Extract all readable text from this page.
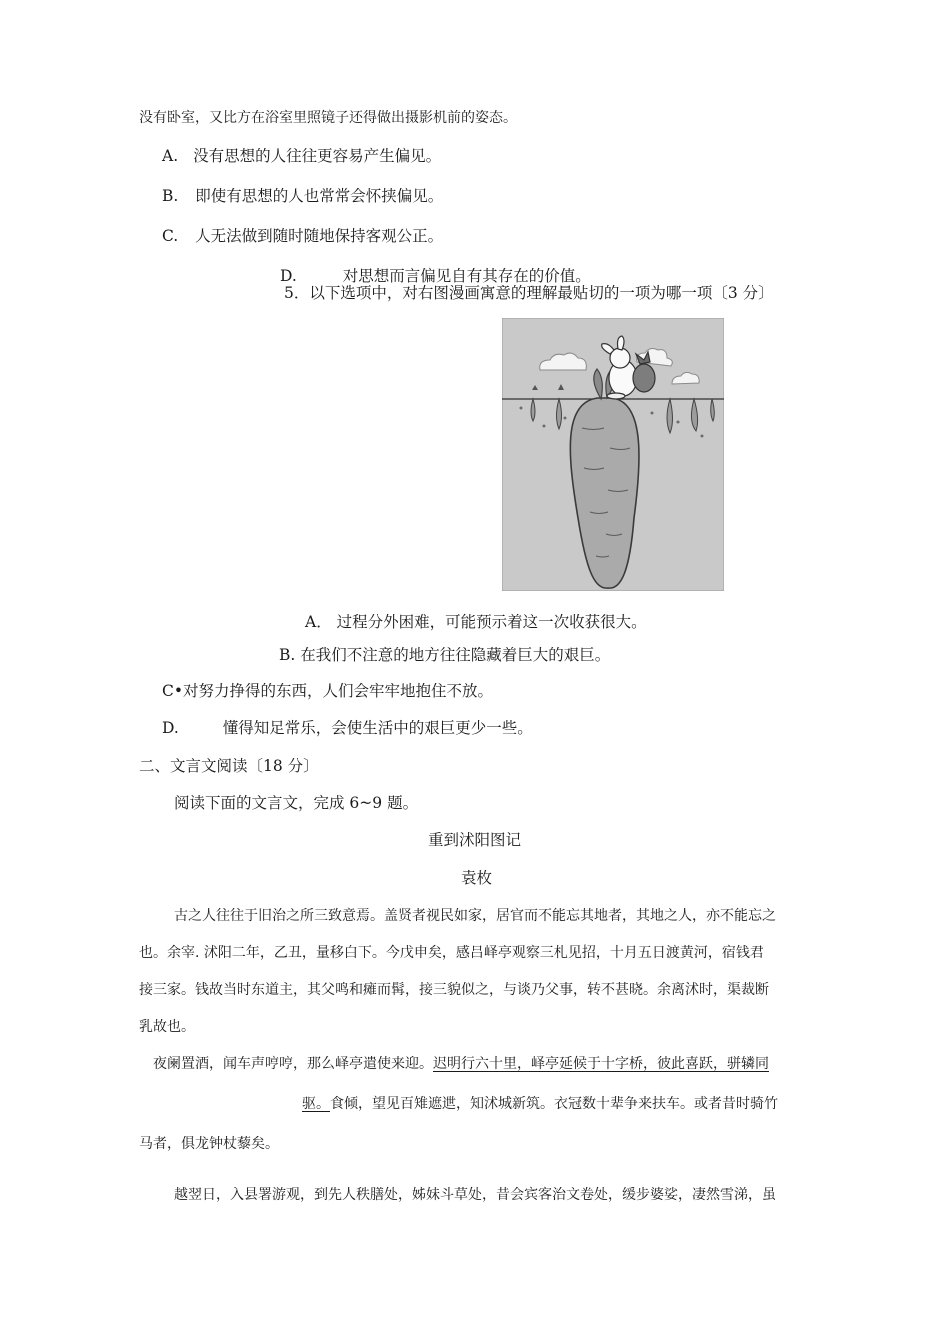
没有卧室，又比方在浴室里照镜子还得做出摄影机前的姿态。
A. 没有思想的人往往更容易产生偏见。
B. 即使有思想的人也常常会怀挟偏见。
C. 人无法做到随时随地保持客观公正。
D.	对思想而言偏见自有其存在的价值。
5．以下选项中，对右图漫画寓意的理解最贴切的一项为哪一项〔3 分〕
A． 过程分外困难，可能预示着这一次收获很大。
B. 在我们不注意的地方往往隐藏着巨大的艰巨。
C•对努力挣得的东西，人们会牢牢地抱住不放。
D.	懂得知足常乐，会使生活中的艰巨更少一些。
二、文言文阅读〔18 分〕
阅读下面的文言文，完成 6~9 题。
重到沭阳图记
袁枚
古之人往往于旧治之所三致意焉。盖贤者视民如家，居官而不能忘其地者，其地之人，亦不能忘之
也。余宰. 沭阳二年，乙丑，量移白下。今戊申矣，感吕峄亭观察三札见招，十月五日渡黄河，宿钱君
接三家。钱故当时东道主，其父鸣和瘫而髯，接三貌似之，与谈乃父事，转不甚晓。余离沭时，渠裁断
乳故也。
夜阑置酒，闻车声哼哼，那么峄亭遣使来迎。迟明行六十里，峄亭延候于十字桥，彼此喜跃，骈辚同
驱。食倾，望见百雉遮迣，知沭城新筑。衣冠数十辈争来扶车。或者昔时骑竹
马者，俱龙钟杖藜矣。
越翌日，入县署游观，到先人秩膳处，姊妹斗草处，昔会宾客治文卷处，缓步婆娑，凄然雪涕，虽
